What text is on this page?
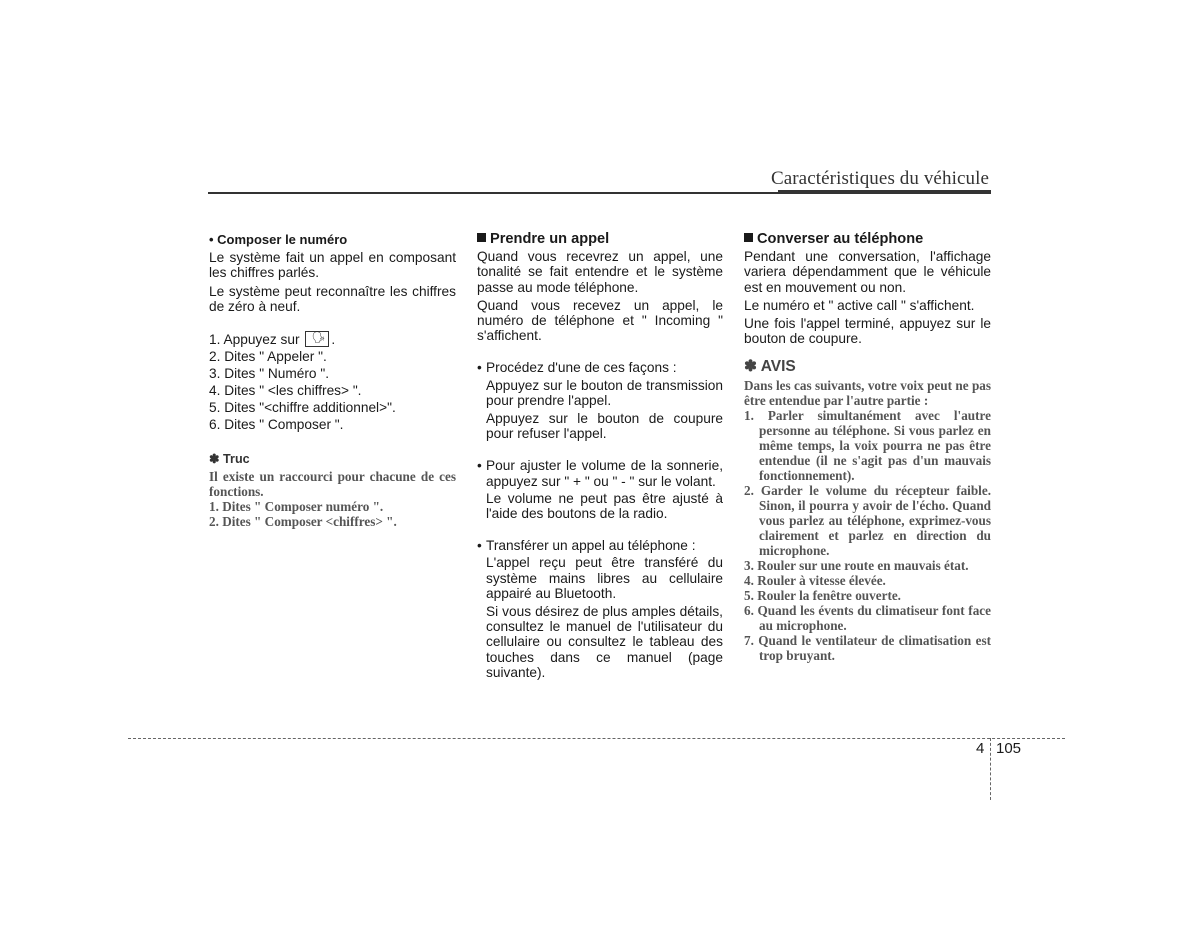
Caractéristiques du véhicule
• Composer le numéro

Le système fait un appel en composant les chiffres parlés.

Le système peut reconnaître les chiffres de zéro à neuf.

1. Appuyez sur 🗣 .
2. Dites " Appeler ".
3. Dites " Numéro ".
4. Dites " <les chiffres> ".
5. Dites "<chiffre additionnel>".
6. Dites " Composer ".
✽ Truc

Il existe un raccourci pour chacune de ces fonctions.

1. Dites " Composer numéro ".

2. Dites " Composer <chiffres> ".

Prendre un appel

Quand vous recevrez un appel, une tonalité se fait entendre et le système passe au mode téléphone.

Quand vous recevez un appel, le numéro de téléphone et " Incoming " s'affichent.

• Procédez d'une de ces façons :

Appuyez sur le bouton de transmission pour prendre l'appel.

Appuyez sur le bouton de coupure pour refuser l'appel.

• Pour ajuster le volume de la sonnerie, appuyez sur " + " ou " - " sur le volant.

Le volume ne peut pas être ajusté à l'aide des boutons de la radio.

• Transférer un appel au téléphone :

L'appel reçu peut être transféré du système mains libres au cellulaire appairé au Bluetooth.

Si vous désirez de plus amples détails, consultez le manuel de l'utilisateur du cellulaire ou consultez le tableau des touches dans ce manuel (page suivante).

Converser au téléphone

Pendant une conversation, l'affichage variera dépendamment que le véhicule est en mouvement ou non.

Le numéro et " active call " s'affichent.

Une fois l'appel terminé, appuyez sur le bouton de coupure.

✽ AVIS

Dans les cas suivants, votre voix peut ne pas être entendue par l'autre partie :

1. Parler simultanément avec l'autre personne au téléphone. Si vous parlez en même temps, la voix pourra ne pas être entendue (il ne s'agit pas d'un mauvais fonctionnement).
2. Garder le volume du récepteur faible. Sinon, il pourra y avoir de l'écho. Quand vous parlez au téléphone, exprimez-vous clairement et parlez en direction du microphone.
3. Rouler sur une route en mauvais état.
4. Rouler à vitesse élevée.
5. Rouler la fenêtre ouverte.
6. Quand les évents du climatiseur font face au microphone.
7. Quand le ventilateur de climatisation est trop bruyant.
4 105
